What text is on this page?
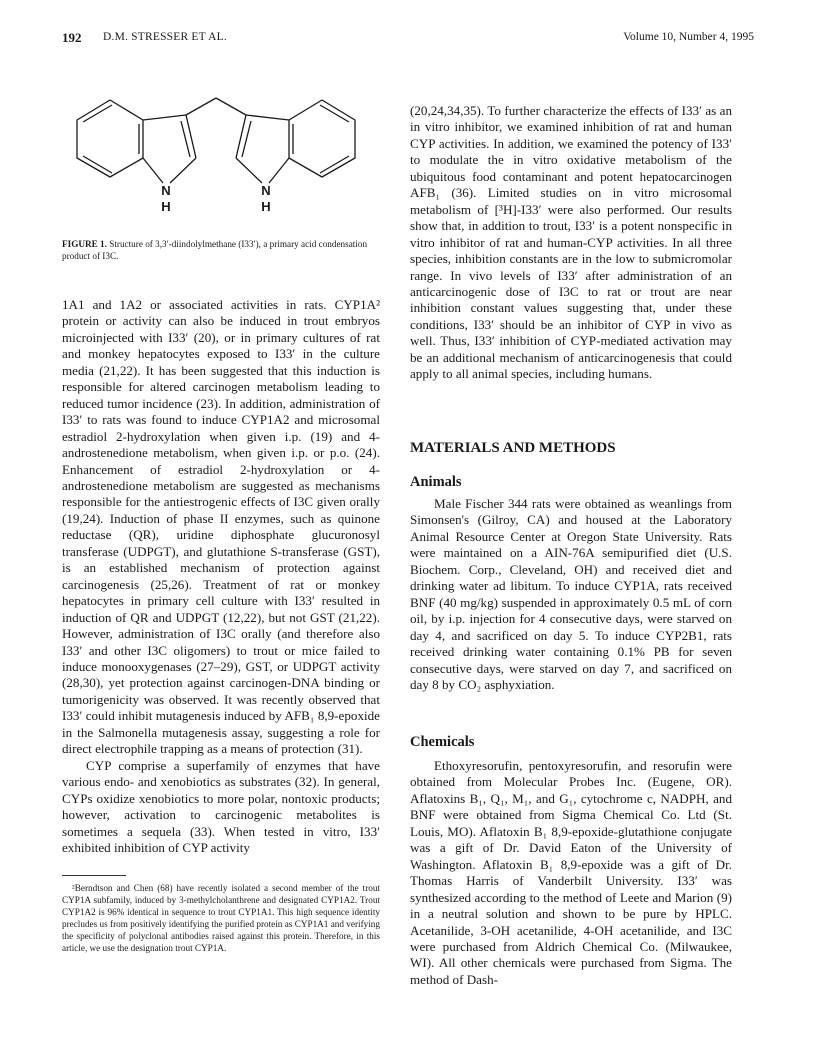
192 D.M. STRESSER ET AL.	Volume 10, Number 4, 1995
N
H
N
H
FIGURE 1. Structure of 3,3′-diindolylmethane (I33′), a primary acid condensation product of I3C.

1A1 and 1A2 or associated activities in rats. CYP1A² protein or activity can also be induced in trout embryos microinjected with I33′ (20), or in primary cultures of rat and monkey hepatocytes exposed to I33′ in the culture media (21,22). It has been suggested that this induction is responsible for altered carcinogen metabolism leading to reduced tumor incidence (23). In addition, administration of I33′ to rats was found to induce CYP1A2 and microsomal estradiol 2-hydroxylation when given i.p. (19) and 4-androstenedione metabolism, when given i.p. or p.o. (24). Enhancement of estradiol 2-hydroxylation or 4-androstenedione metabolism are suggested as mechanisms responsible for the antiestrogenic effects of I3C given orally (19,24). Induction of phase II enzymes, such as quinone reductase (QR), uridine diphosphate glucuronosyl transferase (UDPGT), and glutathione S-transferase (GST), is an established mechanism of protection against carcinogenesis (25,26). Treatment of rat or monkey hepatocytes in primary cell culture with I33′ resulted in induction of QR and UDPGT (12,22), but not GST (21,22). However, administration of I3C orally (and therefore also I33′ and other I3C oligomers) to trout or mice failed to induce monooxygenases (27–29), GST, or UDPGT activity (28,30), yet protection against carcinogen-DNA binding or tumorigenicity was observed. It was recently observed that I33′ could inhibit mutagenesis induced by AFB₁ 8,9-epoxide in the Salmonella mutagenesis assay, suggesting a role for direct electrophile trapping as a means of protection (31).

CYP comprise a superfamily of enzymes that have various endo- and xenobiotics as substrates (32). In general, CYPs oxidize xenobiotics to more polar, nontoxic products; however, activation to carcinogenic metabolites is sometimes a sequela (33). When tested in vitro, I33′ exhibited inhibition of CYP activity

²Berndtson and Chen (68) have recently isolated a second member of the trout CYP1A subfamily, induced by 3-methylcholanthrene and designated CYP1A2. Trout CYP1A2 is 96% identical in sequence to trout CYP1A1. This high sequence identity precludes us from positively identifying the purified protein as CYP1A1 and verifying the specificity of polyclonal antibodies raised against this protein. Therefore, in this article, we use the designation trout CYP1A.

(20,24,34,35). To further characterize the effects of I33′ as an in vitro inhibitor, we examined inhibition of rat and human CYP activities. In addition, we examined the potency of I33′ to modulate the in vitro oxidative metabolism of the ubiquitous food contaminant and potent hepatocarcinogen AFB₁ (36). Limited studies on in vitro microsomal metabolism of [³H]-I33′ were also performed. Our results show that, in addition to trout, I33′ is a potent nonspecific in vitro inhibitor of rat and human-CYP activities. In all three species, inhibition constants are in the low to submicromolar range. In vivo levels of I33′ after administration of an anticarcinogenic dose of I3C to rat or trout are near inhibition constant values suggesting that, under these conditions, I33′ should be an inhibitor of CYP in vivo as well. Thus, I33′ inhibition of CYP-mediated activation may be an additional mechanism of anticarcinogenesis that could apply to all animal species, including humans.

MATERIALS AND METHODS
Animals

Male Fischer 344 rats were obtained as weanlings from Simonsen's (Gilroy, CA) and housed at the Laboratory Animal Resource Center at Oregon State University. Rats were maintained on a AIN-76A semipurified diet (U.S. Biochem. Corp., Cleveland, OH) and received diet and drinking water ad libitum. To induce CYP1A, rats received BNF (40 mg/kg) suspended in approximately 0.5 mL of corn oil, by i.p. injection for 4 consecutive days, were starved on day 4, and sacrificed on day 5. To induce CYP2B1, rats received drinking water containing 0.1% PB for seven consecutive days, were starved on day 7, and sacrificed on day 8 by CO₂ asphyxiation.

Chemicals

Ethoxyresorufin, pentoxyresorufin, and resorufin were obtained from Molecular Probes Inc. (Eugene, OR). Aflatoxins B₁, Q₁, M₁, and G₁, cytochrome c, NADPH, and BNF were obtained from Sigma Chemical Co. Ltd (St. Louis, MO). Aflatoxin B₁ 8,9-epoxide-glutathione conjugate was a gift of Dr. David Eaton of the University of Washington. Aflatoxin B₁ 8,9-epoxide was a gift of Dr. Thomas Harris of Vanderbilt University. I33′ was synthesized according to the method of Leete and Marion (9) in a neutral solution and shown to be pure by HPLC. Acetanilide, 3-OH acetanilide, 4-OH acetanilide, and I3C were purchased from Aldrich Chemical Co. (Milwaukee, WI). All other chemicals were purchased from Sigma. The method of Dash-
